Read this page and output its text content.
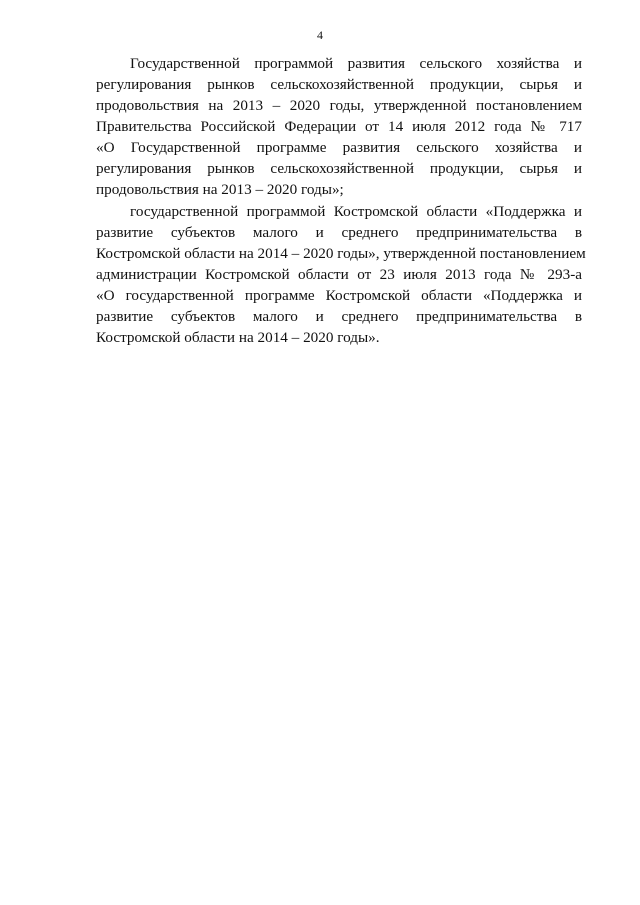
4
Государственной программой развития сельского хозяйства и
регулирования рынков сельскохозяйственной продукции, сырья и
продовольствия на 2013 – 2020 годы, утвержденной постановлением
Правительства Российской Федерации от 14 июля 2012 года № 717
«О Государственной программе развития сельского хозяйства и
регулирования рынков сельскохозяйственной продукции, сырья и
продовольствия на 2013 – 2020 годы»;
государственной программой Костромской области «Поддержка и
развитие субъектов малого и среднего предпринимательства в
Костромской области на 2014 – 2020 годы», утвержденной постановлением
администрации Костромской области от 23 июля 2013 года № 293-а
«О государственной программе Костромской области «Поддержка и
развитие субъектов малого и среднего предпринимательства в
Костромской области на 2014 – 2020 годы».
